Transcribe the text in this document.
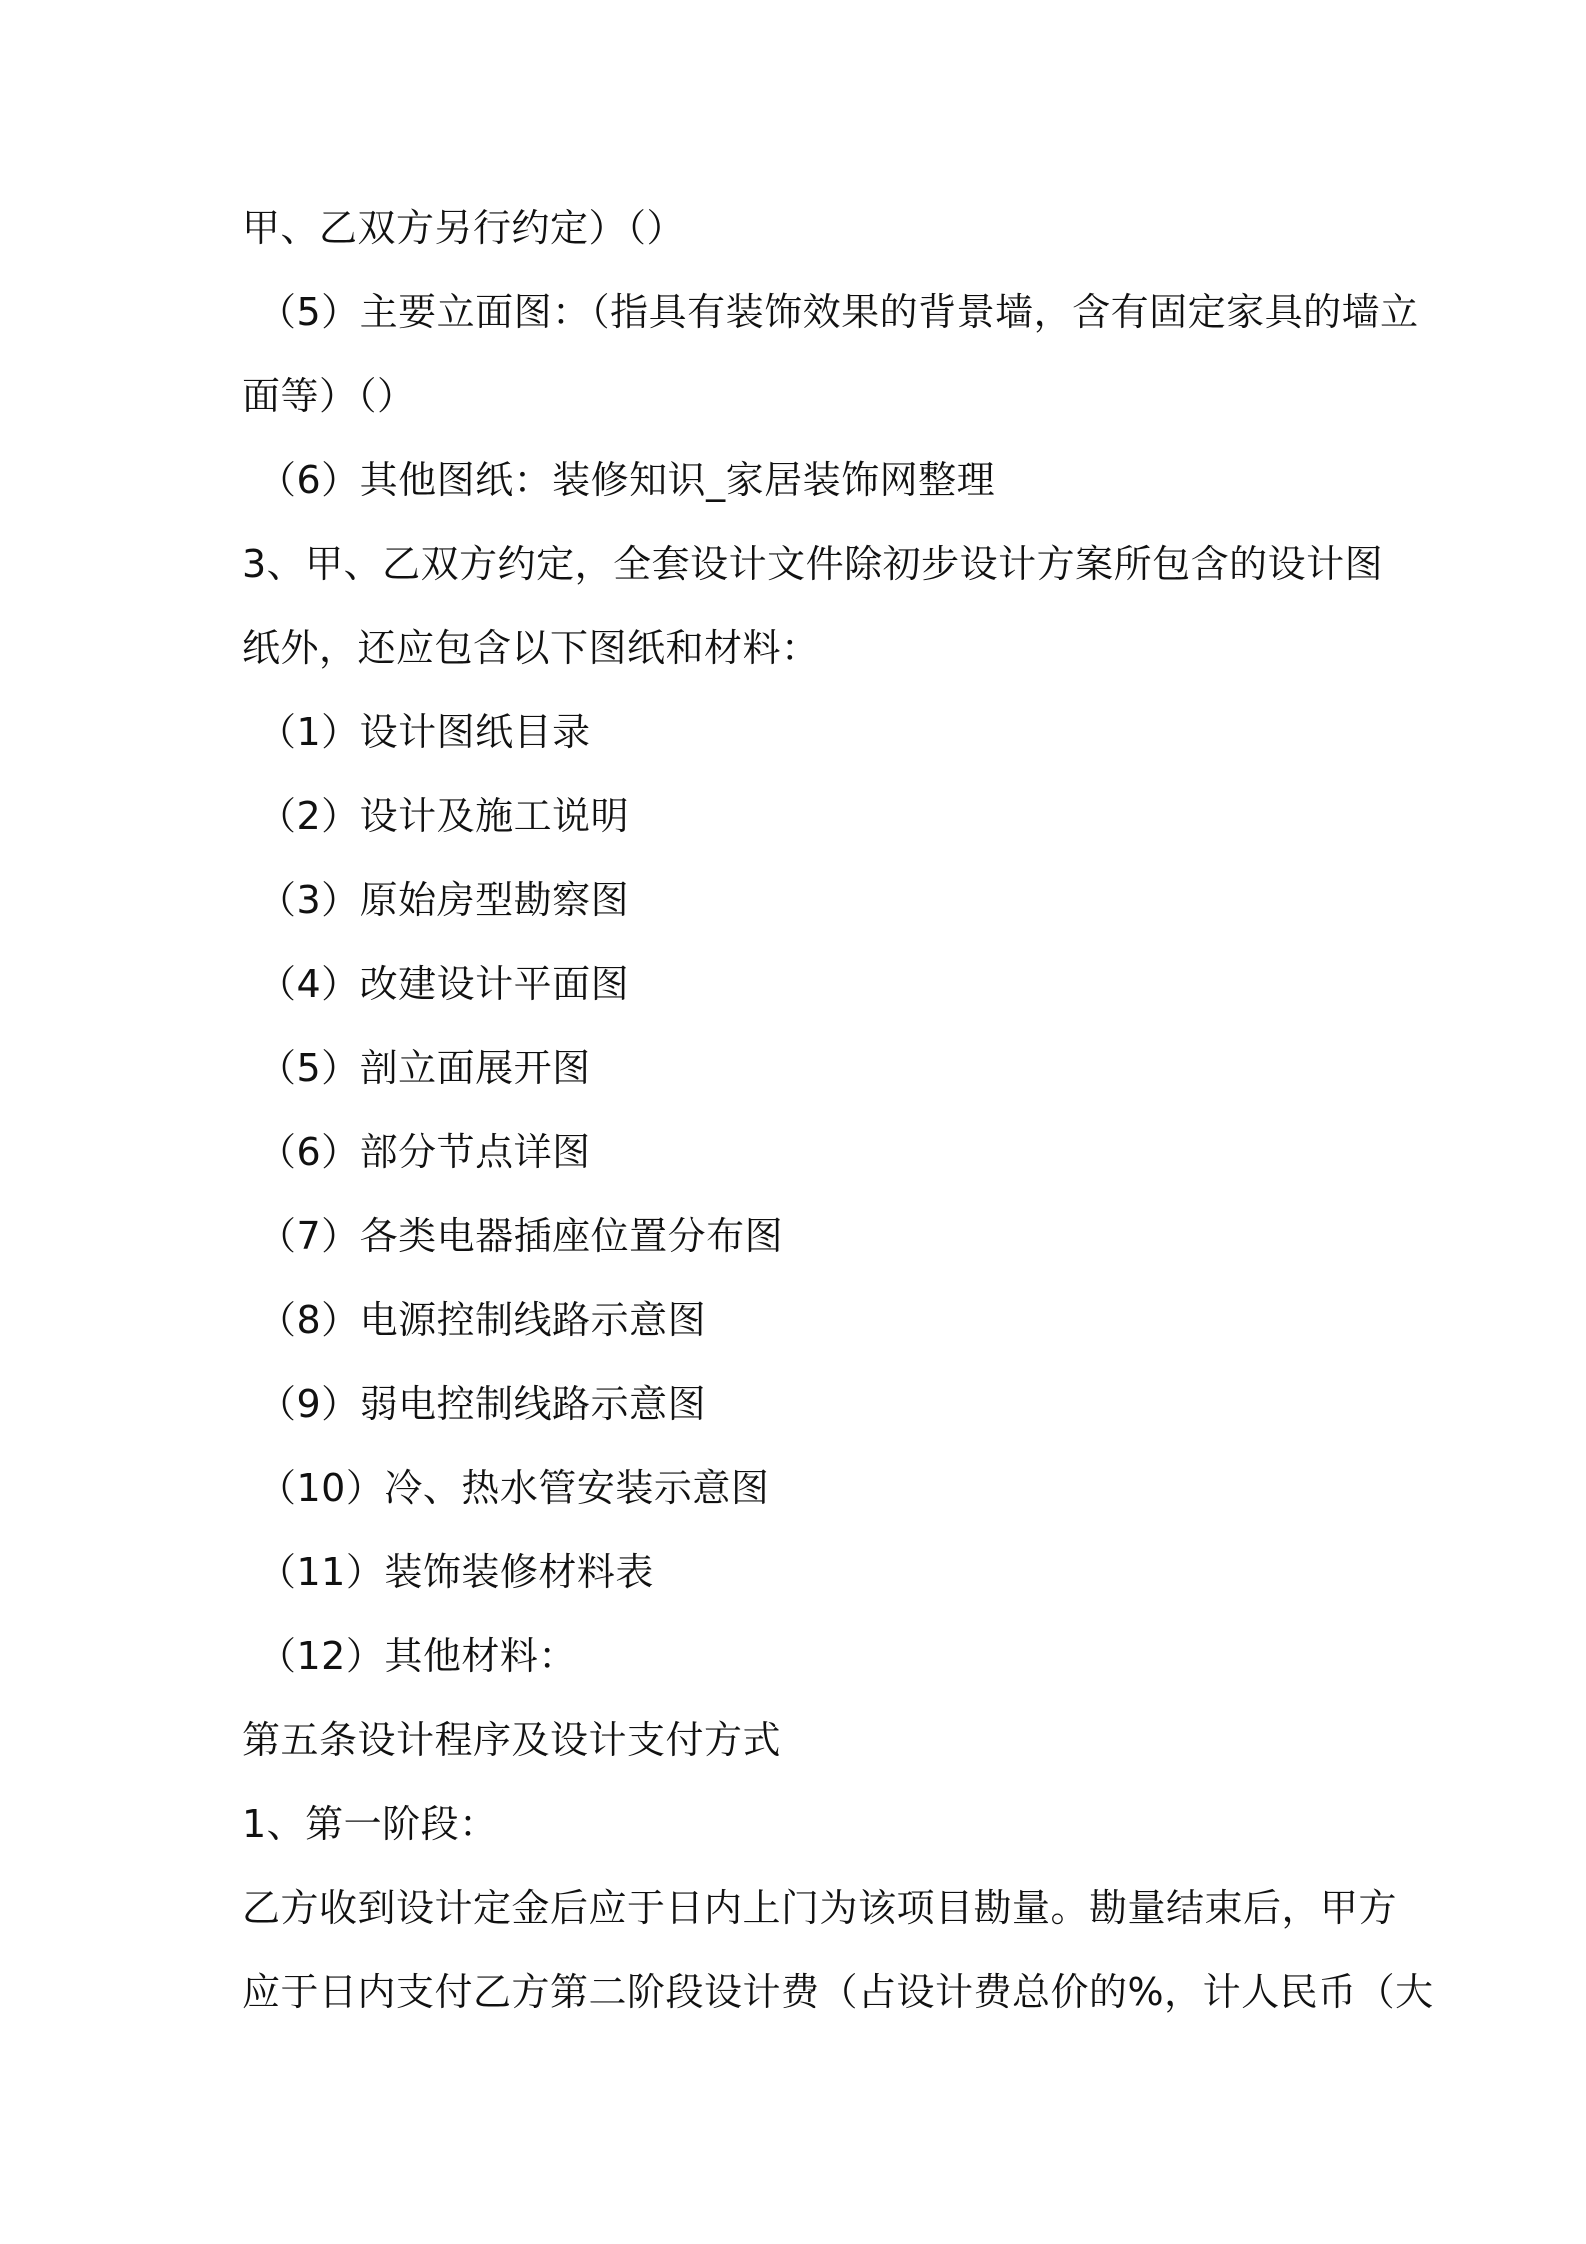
甲、乙双方另行约定）（）
（5）主要立面图：（指具有装饰效果的背景墙，含有固定家具的墙立
面等）（）
（6）其他图纸：装修知识_家居装饰网整理
3、甲、乙双方约定，全套设计文件除初步设计方案所包含的设计图
纸外，还应包含以下图纸和材料：
（1）设计图纸目录
（2）设计及施工说明
（3）原始房型勘察图
（4）改建设计平面图
（5）剖立面展开图
（6）部分节点详图
（7）各类电器插座位置分布图
（8）电源控制线路示意图
（9）弱电控制线路示意图
（10）冷、热水管安装示意图
（11）装饰装修材料表
（12）其他材料：
第五条设计程序及设计支付方式
1、第一阶段：
乙方收到设计定金后应于日内上门为该项目勘量。勘量结束后，甲方
应于日内支付乙方第二阶段设计费（占设计费总价的%，计人民币（大
